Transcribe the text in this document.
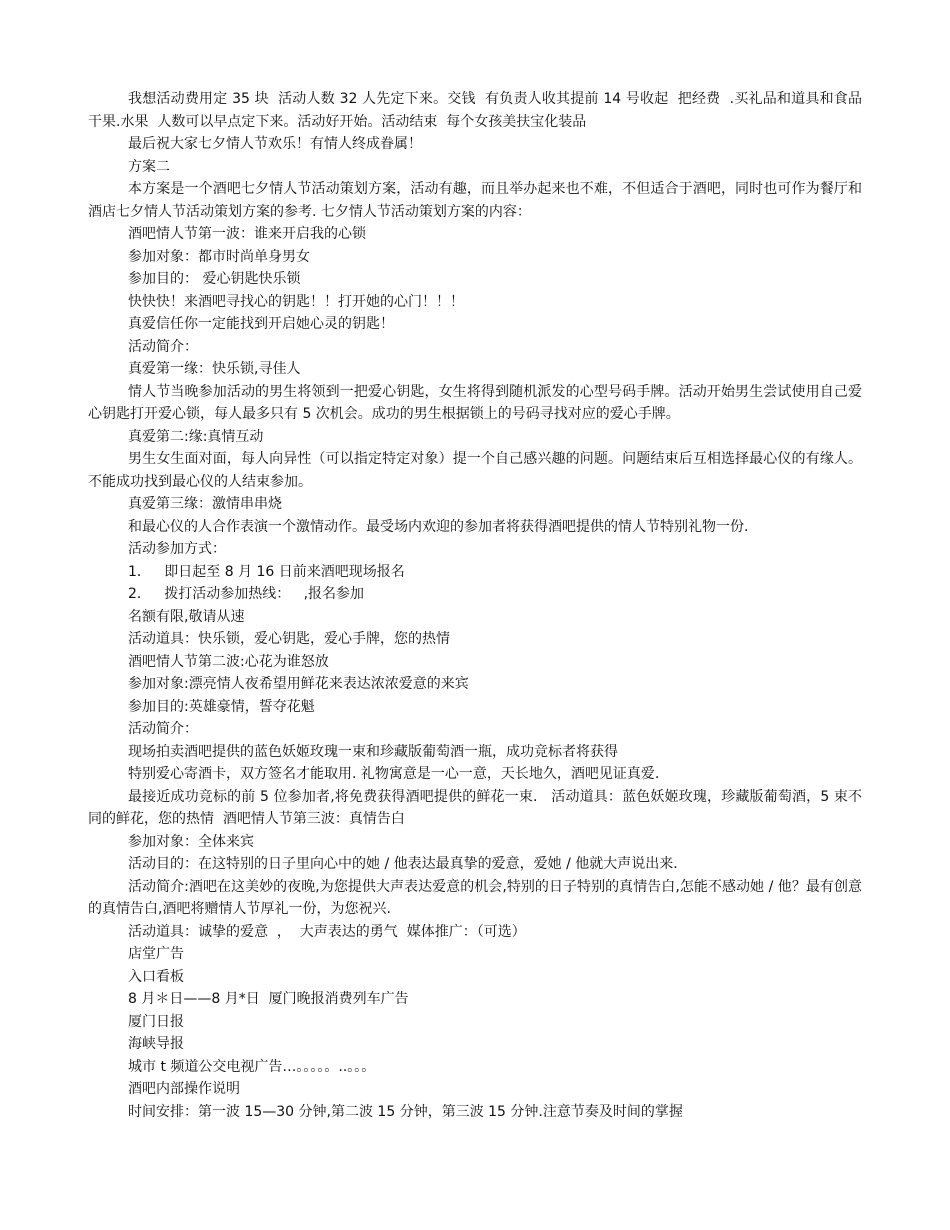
我想活动费用定 35 块  活动人数 32 人先定下来。交钱  有负责人收其提前 14 号收起  把经费  .买礼品和道具和食品  干果.水果  人数可以早点定下来。活动好开始。活动结束  每个女孩美扶宝化装品

最后祝大家七夕情人节欢乐！有情人终成眷属！

方案二

本方案是一个酒吧七夕情人节活动策划方案，活动有趣，而且举办起来也不难，不但适合于酒吧，同时也可作为餐厅和酒店七夕情人节活动策划方案的参考. 七夕情人节活动策划方案的内容：

酒吧情人节第一波：谁来开启我的心锁

参加对象：都市时尚单身男女

参加目的： 爱心钥匙快乐锁

快快快！来酒吧寻找心的钥匙！！打开她的心门！！！

真爱信任你一定能找到开启她心灵的钥匙！

活动简介：

真爱第一缘：快乐锁,寻佳人

情人节当晚参加活动的男生将领到一把爱心钥匙，女生将得到随机派发的心型号码手牌。活动开始男生尝试使用自己爱心钥匙打开爱心锁，每人最多只有 5 次机会。成功的男生根据锁上的号码寻找对应的爱心手牌。

真爱第二:缘:真情互动

男生女生面对面，每人向异性（可以指定特定对象）提一个自己感兴趣的问题。问题结束后互相选择最心仪的有缘人。不能成功找到最心仪的人结束参加。

真爱第三缘：激情串串烧

和最心仪的人合作表演一个激情动作。最受场内欢迎的参加者将获得酒吧提供的情人节特别礼物一份.

活动参加方式：

1．   即日起至 8 月 16 日前来酒吧现场报名

2．   拨打活动参加热线：   ,报名参加

名额有限,敬请从速

活动道具：快乐锁，爱心钥匙，爱心手牌，您的热情

酒吧情人节第二波:心花为谁怒放

参加对象:漂亮情人夜希望用鲜花来表达浓浓爱意的来宾

参加目的:英雄豪情，誓夺花魁

活动简介：

现场拍卖酒吧提供的蓝色妖姬玫瑰一束和珍藏版葡萄酒一瓶，成功竞标者将获得

特别爱心寄酒卡，双方签名才能取用. 礼物寓意是一心一意，天长地久，酒吧见证真爱.

最接近成功竞标的前 5 位参加者,将免费获得酒吧提供的鲜花一束.   活动道具：蓝色妖姬玫瑰，珍藏版葡萄酒，5 束不同的鲜花，您的热情  酒吧情人节第三波：真情告白

参加对象：全体来宾

活动目的：在这特别的日子里向心中的她 / 他表达最真挚的爱意，爱她 / 他就大声说出来.

活动简介:酒吧在这美妙的夜晚,为您提供大声表达爱意的机会,特别的日子特别的真情告白,怎能不感动她 / 他？最有创意的真情告白,酒吧将赠情人节厚礼一份，为您祝兴.

活动道具：诚挚的爱意  ，  大声表达的勇气  媒体推广：（可选）

店堂广告

入口看板

8 月＊日——8 月*日  厦门晚报消费列车广告

厦门日报

海峡导报

城市 t 频道公交电视广告…。。。。。..。。。

酒吧内部操作说明

时间安排：第一波 15—30 分钟,第二波 15 分钟，第三波 15 分钟.注意节奏及时间的掌握
